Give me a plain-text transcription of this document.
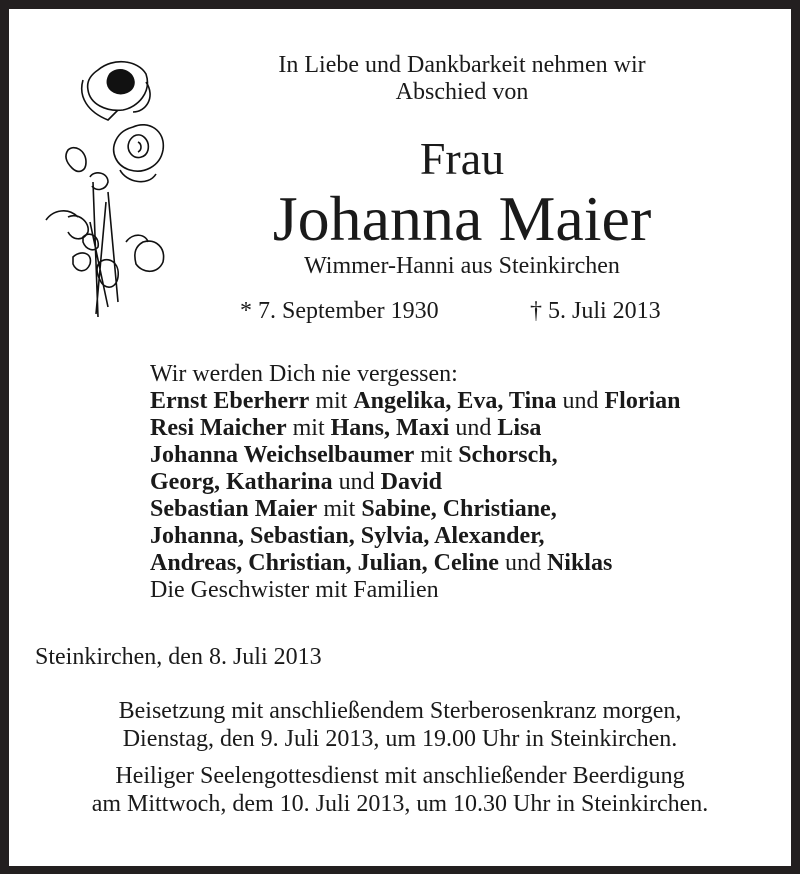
In Liebe und Dankbarkeit nehmen wir
Abschied von
Frau
Johanna Maier
Wimmer-Hanni aus Steinkirchen
* 7. September 1930	† 5. Juli 2013
Wir werden Dich nie vergessen:
Ernst Eberherr mit Angelika, Eva, Tina und Florian
Resi Maicher mit Hans, Maxi und Lisa
Johanna Weichselbaumer mit Schorsch,
Georg, Katharina und David
Sebastian Maier mit Sabine, Christiane,
Johanna, Sebastian, Sylvia, Alexander,
Andreas, Christian, Julian, Celine und Niklas
Die Geschwister mit Familien
Steinkirchen, den 8. Juli 2013
Beisetzung mit anschließendem Sterberosenkranz morgen,
Dienstag, den 9. Juli 2013, um 19.00 Uhr in Steinkirchen.
Heiliger Seelengottesdienst mit anschließender Beerdigung
am Mittwoch, dem 10. Juli 2013, um 10.30 Uhr in Steinkirchen.
